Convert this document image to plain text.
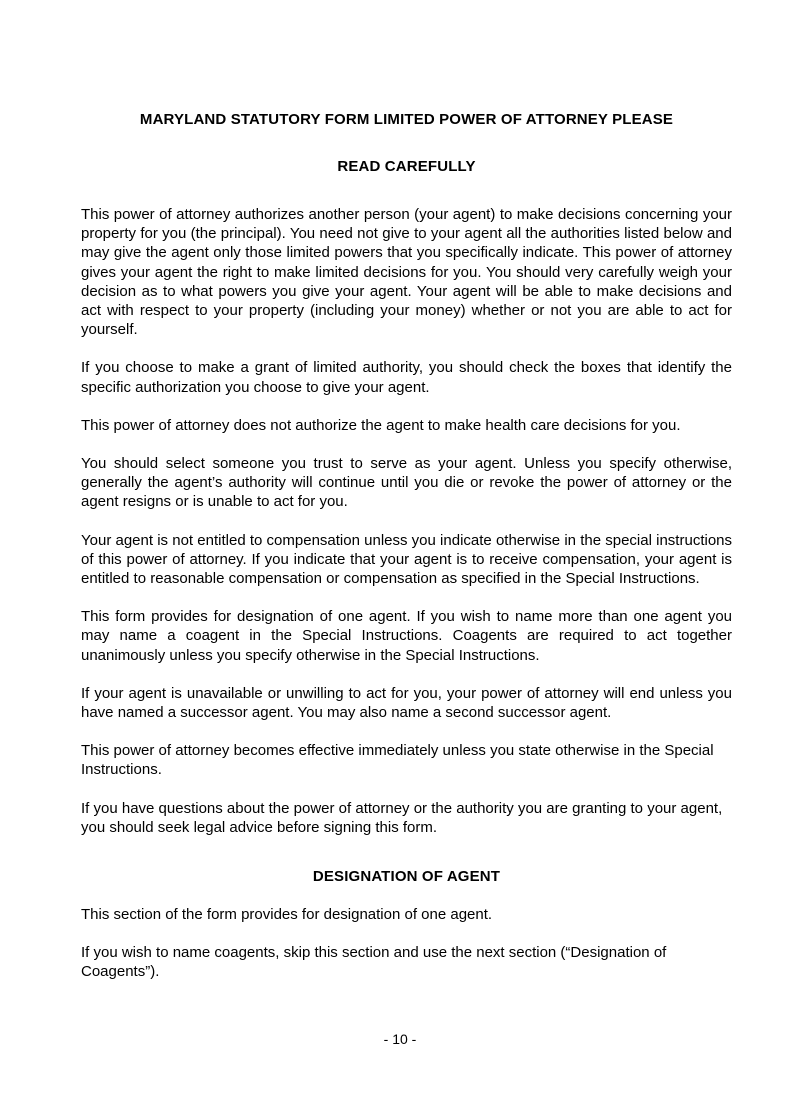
MARYLAND STATUTORY FORM LIMITED POWER OF ATTORNEY PLEASE
READ CAREFULLY

This power of attorney authorizes another person (your agent) to make decisions concerning your property for you (the principal). You need not give to your agent all the authorities listed below and may give the agent only those limited powers that you specifically indicate. This power of attorney gives your agent the right to make limited decisions for you. You should very carefully weigh your decision as to what powers you give your agent. Your agent will be able to make decisions and act with respect to your property (including your money) whether or not you are able to act for yourself.

If you choose to make a grant of limited authority, you should check the boxes that identify the specific authorization you choose to give your agent.

This power of attorney does not authorize the agent to make health care decisions for you.

You should select someone you trust to serve as your agent. Unless you specify otherwise, generally the agent’s authority will continue until you die or revoke the power of attorney or the agent resigns or is unable to act for you.

Your agent is not entitled to compensation unless you indicate otherwise in the special instructions of this power of attorney. If you indicate that your agent is to receive compensation, your agent is entitled to reasonable compensation or compensation as specified in the Special Instructions.

This form provides for designation of one agent. If you wish to name more than one agent you may name a coagent in the Special Instructions. Coagents are required to act together unanimously unless you specify otherwise in the Special Instructions.

If your agent is unavailable or unwilling to act for you, your power of attorney will end unless you have named a successor agent. You may also name a second successor agent.

This power of attorney becomes effective immediately unless you state otherwise in the Special Instructions.

If you have questions about the power of attorney or the authority you are granting to your agent, you should seek legal advice before signing this form.

DESIGNATION OF AGENT

This section of the form provides for designation of one agent.

If you wish to name coagents, skip this section and use the next section (“Designation of Coagents”).

- 10 -
